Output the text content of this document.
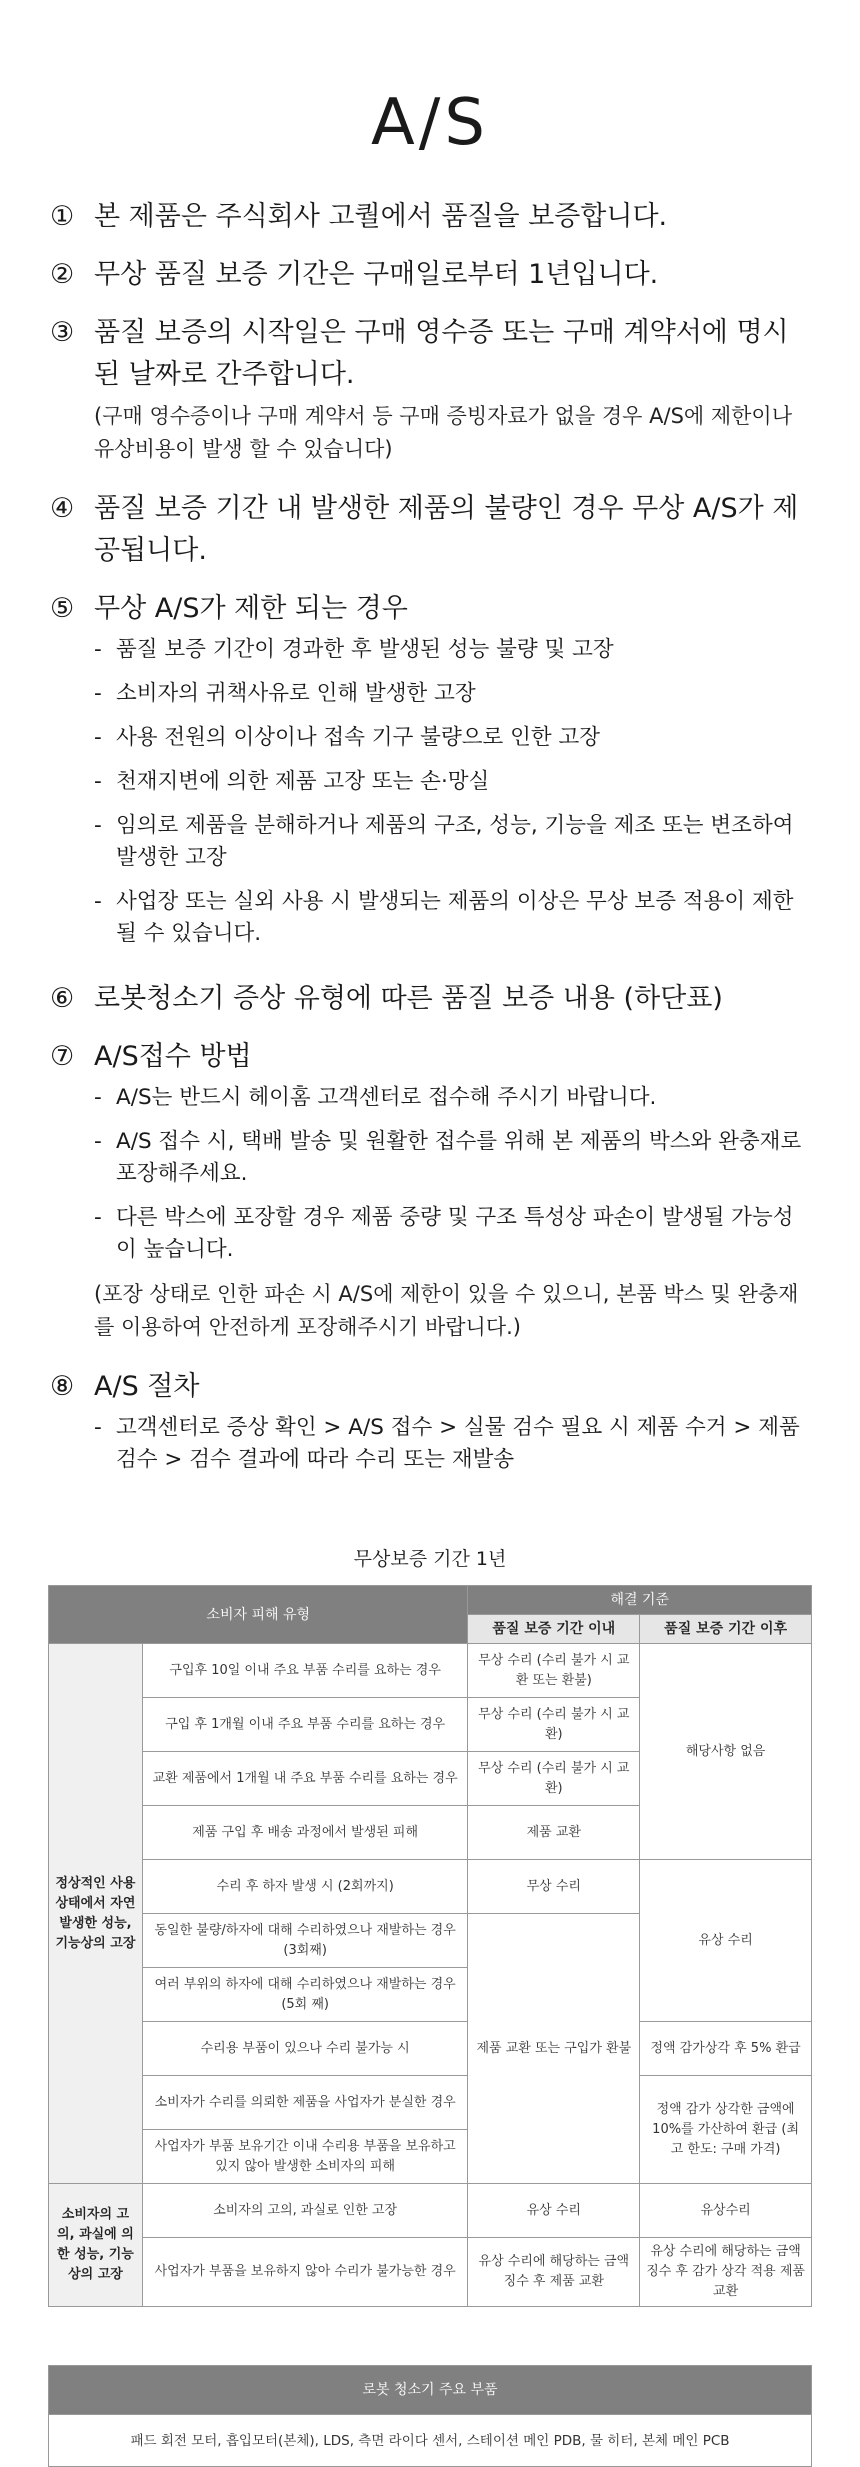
A/S
① 본 제품은 주식회사 고퀄에서 품질을 보증합니다.
② 무상 품질 보증 기간은 구매일로부터 1년입니다.
③ 품질 보증의 시작일은 구매 영수증 또는 구매 계약서에 명시된 날짜로 간주합니다.
(구매 영수증이나 구매 계약서 등 구매 증빙자료가 없을 경우 A/S에 제한이나 유상비용이 발생 할 수 있습니다)
④ 품질 보증 기간 내 발생한 제품의 불량인 경우 무상 A/S가 제공됩니다.
⑤ 무상 A/S가 제한 되는 경우
- 품질 보증 기간이 경과한 후 발생된 성능 불량 및 고장
- 소비자의 귀책사유로 인해 발생한 고장
- 사용 전원의 이상이나 접속 기구 불량으로 인한 고장
- 천재지변에 의한 제품 고장 또는 손·망실
- 임의로 제품을 분해하거나 제품의 구조, 성능, 기능을 제조 또는 변조하여 발생한 고장
- 사업장 또는 실외 사용 시 발생되는 제품의 이상은 무상 보증 적용이 제한 될 수 있습니다.
⑥ 로봇청소기 증상 유형에 따른 품질 보증 내용 (하단표)
⑦ A/S접수 방법
- A/S는 반드시 헤이홈 고객센터로 접수해 주시기 바랍니다.
- A/S 접수 시, 택배 발송 및 원활한 접수를 위해 본 제품의 박스와 완충재로 포장해주세요.
- 다른 박스에 포장할 경우 제품 중량 및 구조 특성상 파손이 발생될 가능성이 높습니다.
(포장 상태로 인한 파손 시 A/S에 제한이 있을 수 있으니, 본품 박스 및 완충재를 이용하여 안전하게 포장해주시기 바랍니다.)
⑧ A/S 절차
- 고객센터로 증상 확인 > A/S 접수 > 실물 검수 필요 시 제품 수거 > 제품 검수 > 검수 결과에 따라 수리 또는 재발송
무상보증 기간 1년
소비자 피해 유형		해결 기준	
		품질 보증 기간 이내	품질 보증 기간 이후
정상적인 사용 상태에서 자연 발생한 성능, 기능상의 고장	구입후 10일 이내 주요 부품 수리를 요하는 경우	무상 수리 (수리 불가 시 교환 또는 환불)	해당사항 없음
	구입 후 1개월 이내 주요 부품 수리를 요하는 경우	무상 수리 (수리 불가 시 교환)	
	교환 제품에서 1개월 내 주요 부품 수리를 요하는 경우	무상 수리 (수리 불가 시 교환)	
	제품 구입 후 배송 과정에서 발생된 피해	제품 교환	
	수리 후 하자 발생 시 (2회까지)	무상 수리	유상 수리
	동일한 불량/하자에 대해 수리하였으나 재발하는 경우 (3회째)	제품 교환 또는 구입가 환불	
	여러 부위의 하자에 대해 수리하였으나 재발하는 경우 (5회 째)		
	수리용 부품이 있으나 수리 불가능 시		정액 감가상각 후 5% 환급
	소비자가 수리를 의뢰한 제품을 사업자가 분실한 경우		정액 감가 상각한 금액에 10%를 가산하여 환급 (최고 한도: 구매 가격)
	사업자가 부품 보유기간 이내 수리용 부품을 보유하고 있지 않아 발생한 소비자의 피해		
소비자의 고의, 과실에 의한 성능, 기능상의 고장	소비자의 고의, 과실로 인한 고장	유상 수리	유상수리
	사업자가 부품을 보유하지 않아 수리가 불가능한 경우	유상 수리에 해당하는 금액 징수 후 제품 교환	유상 수리에 해당하는 금액 징수 후 감가 상각 적용 제품 교환
로봇 청소기 주요 부품
패드 회전 모터, 흡입모터(본체), LDS, 측면 라이다 센서, 스테이션 메인 PDB, 물 히터, 본체 메인 PCB
